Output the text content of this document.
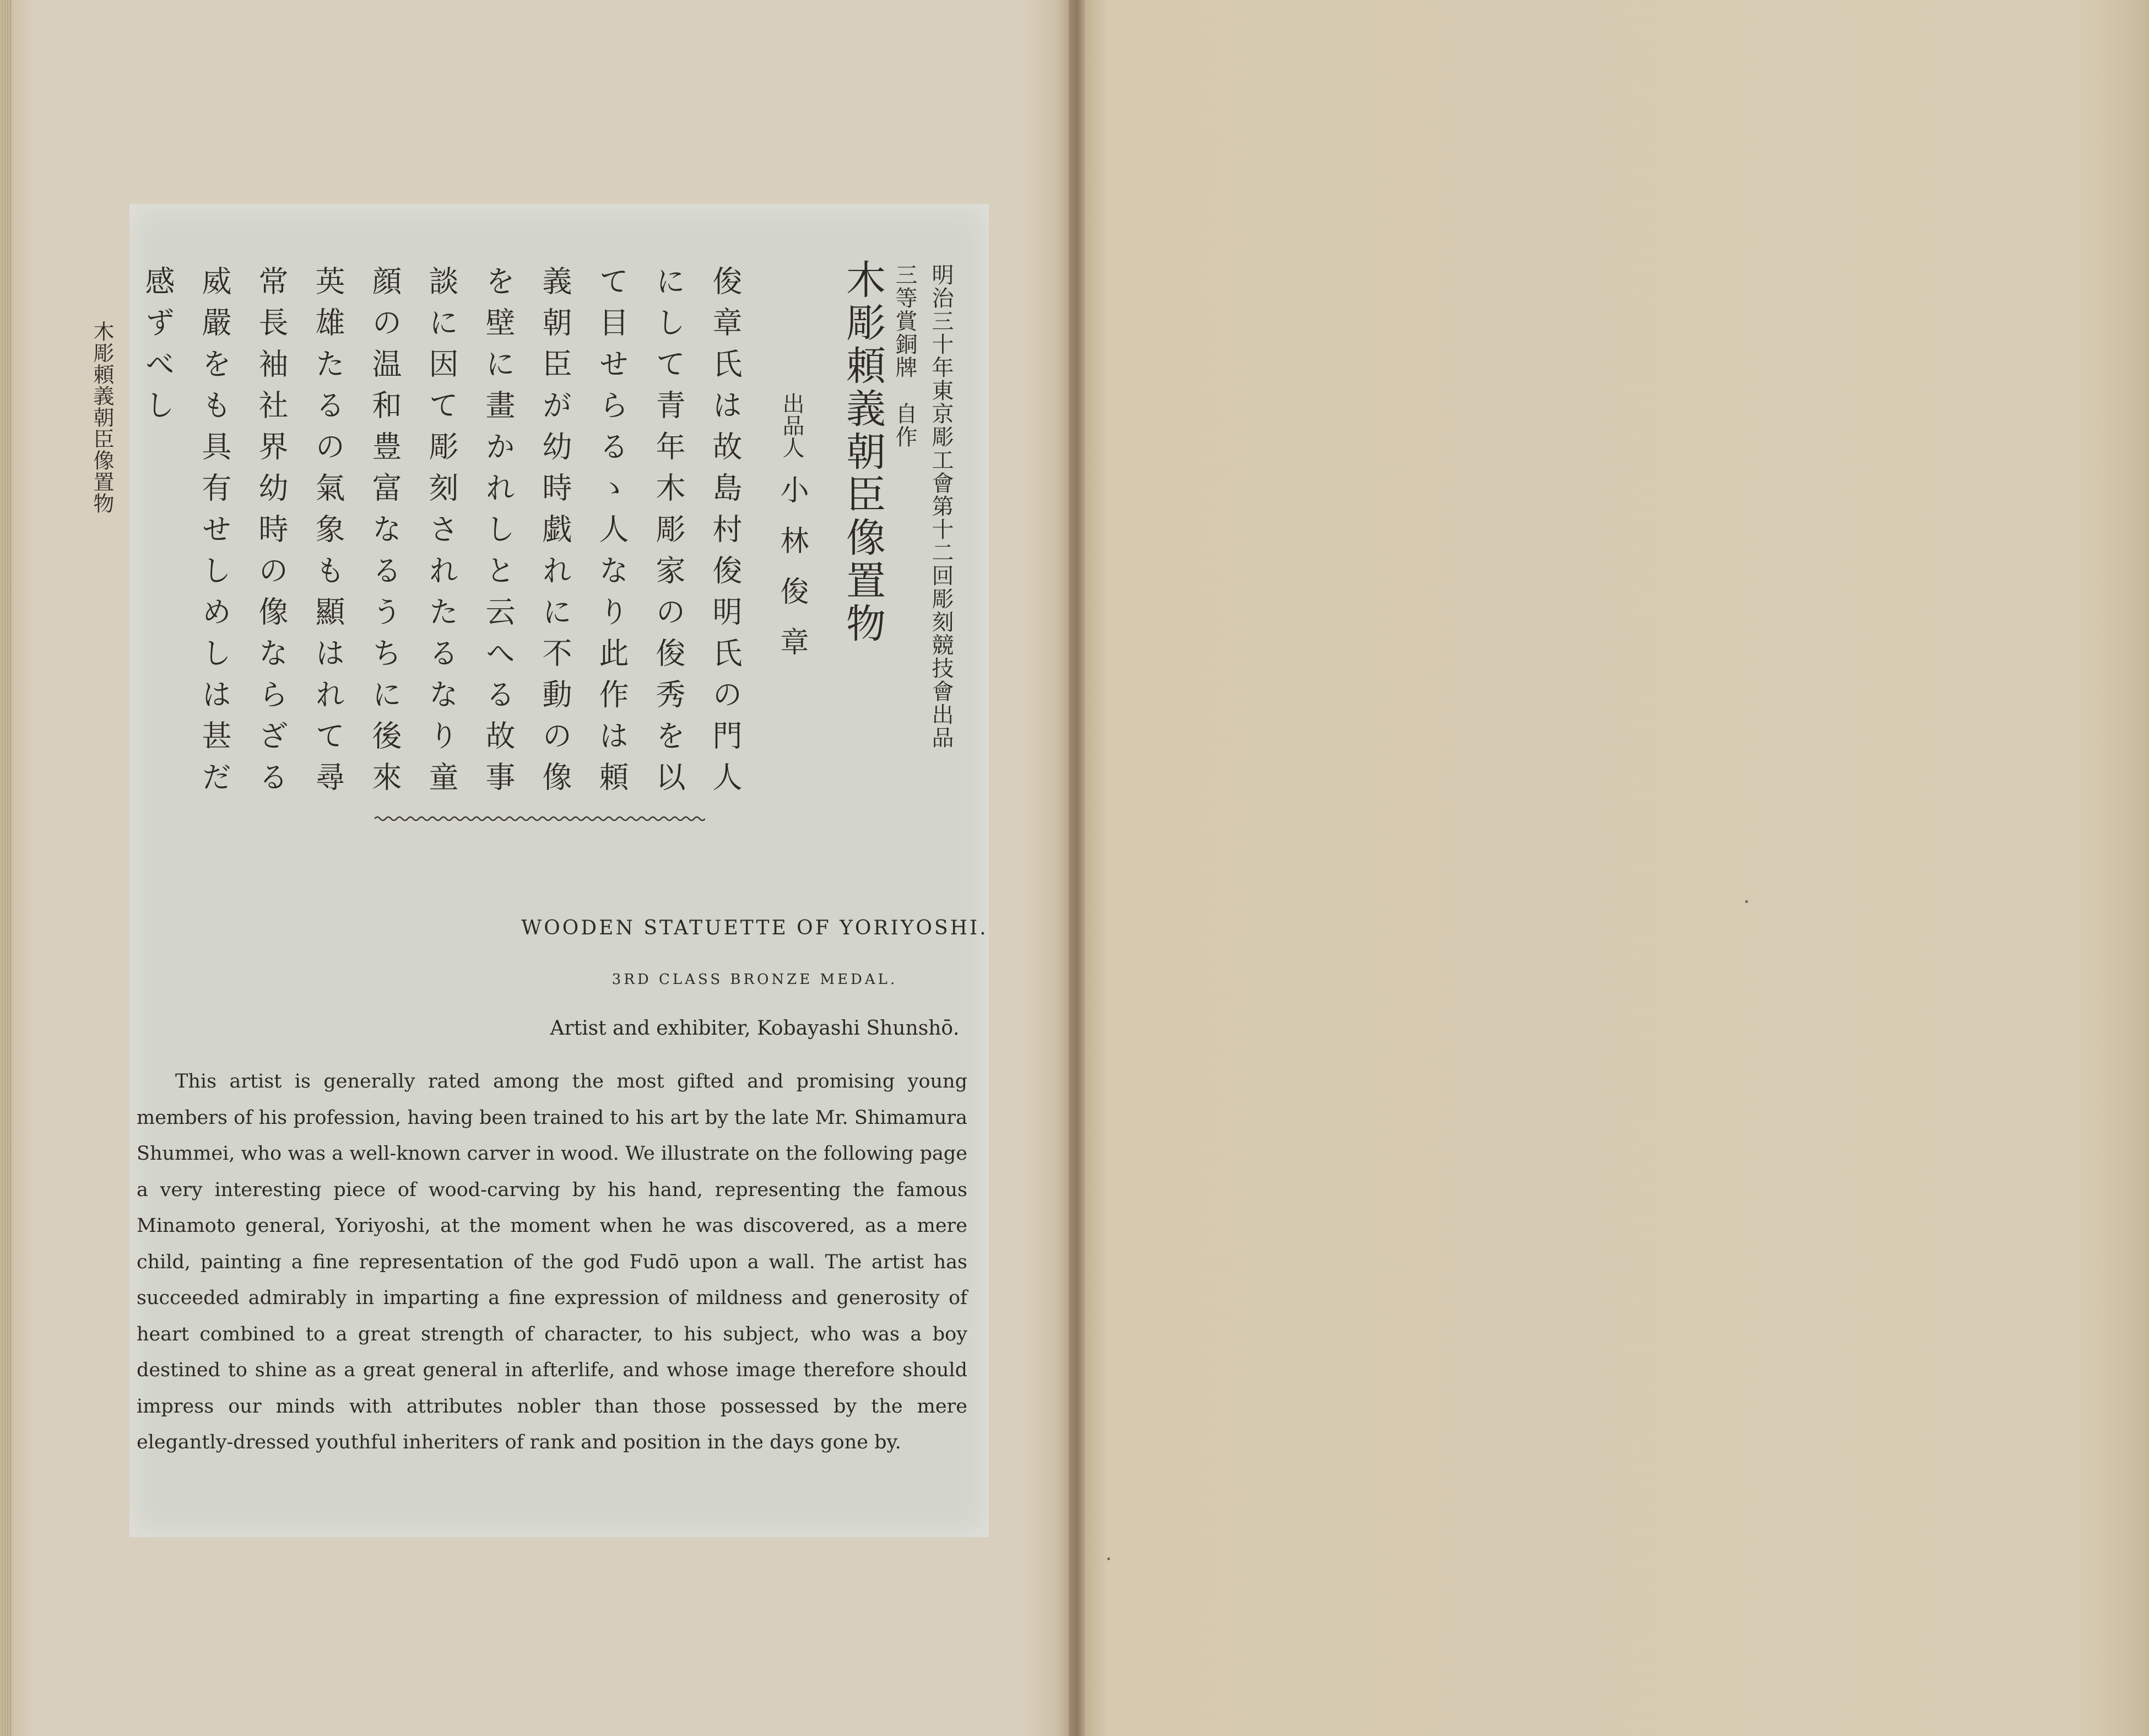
明治三十年東京彫工會第十二回彫刻競技會出品
三等賞銅牌　自作
木彫頼義朝臣像置物
出品人小林俊章
俊章氏は故島村俊明氏の門人
にして青年木彫家の俊秀を以
て目せらるゝ人なり此作は頼
義朝臣が幼時戯れに不動の像
を壁に畫かれしと云へる故事
談に因て彫刻されたるなり童
顔の温和豊富なるうちに後來
英雄たるの氣象も顯はれて尋
常長袖社界幼時の像ならざる
威嚴をも具有せしめしは甚だ
感ずべし
木彫頼義朝臣像置物
WOODEN STATUETTE OF YORIYOSHI.
3RD CLASS BRONZE MEDAL.
Artist and exhibiter, Kobayashi Shunshō.
This artist is generally rated among the most gifted and promising young members of his profession, having been trained to his art by the late Mr. Shimamura Shummei, who was a well-known carver in wood. We illustrate on the following page a very interesting piece of wood-carving by his hand, representing the famous Minamoto general, Yoriyoshi, at the moment when he was discovered, as a mere child, painting a fine representation of the god Fudō upon a wall. The artist has succeeded admirably in imparting a fine expression of mildness and generosity of heart combined to a great strength of character, to his subject, who was a boy destined to shine as a great general in afterlife, and whose image therefore should impress our minds with attributes nobler than those possessed by the mere elegantly-dressed youthful inheriters of rank and position in the days gone by.
